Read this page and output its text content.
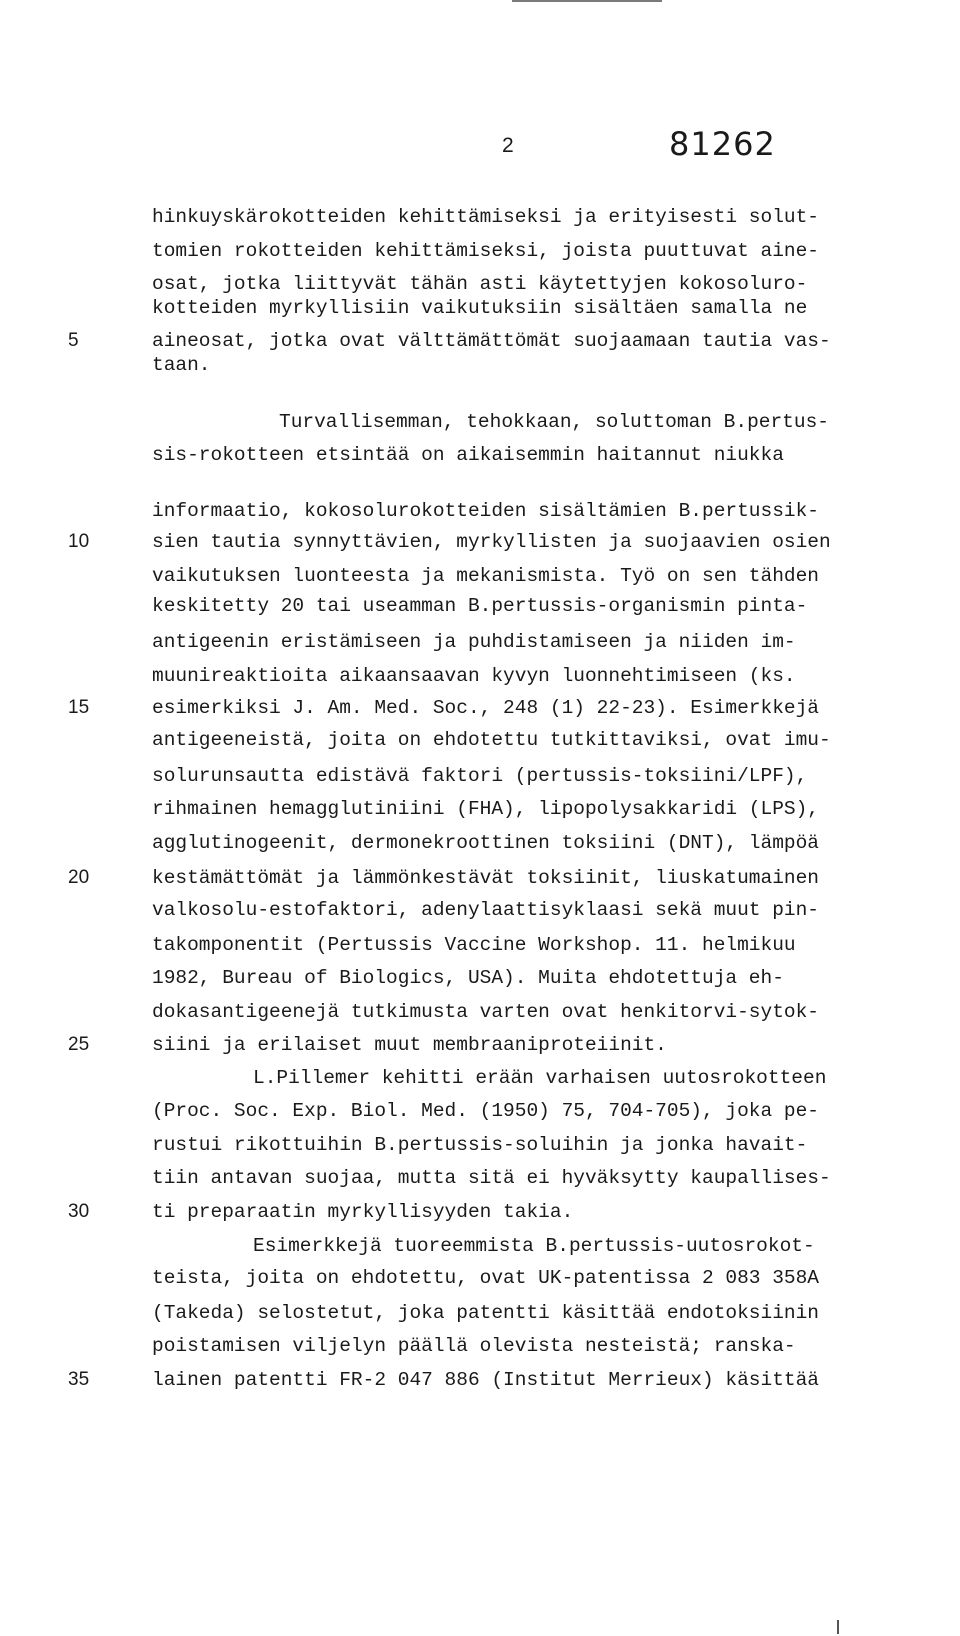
2	81262
5
10
15
20
25
30
35
hinkuyskärokotteiden kehittämiseksi ja erityisesti solut-
tomien rokotteiden kehittämiseksi, joista puuttuvat aine-
osat, jotka liittyvät tähän asti käytettyjen kokosoluro-
kotteiden myrkyllisiin vaikutuksiin sisältäen samalla ne
aineosat, jotka ovat välttämättömät suojaamaan tautia vas-
taan.
Turvallisemman, tehokkaan, soluttoman B.pertus-
sis-rokotteen etsintää on aikaisemmin haitannut niukka
informaatio, kokosolurokotteiden sisältämien B.pertussik-
sien tautia synnyttävien, myrkyllisten ja suojaavien osien
vaikutuksen luonteesta ja mekanismista. Työ on sen tähden
keskitetty 20 tai useamman B.pertussis-organismin pinta-
antigeenin eristämiseen ja puhdistamiseen ja niiden im-
muunireaktioita aikaansaavan kyvyn luonnehtimiseen (ks.
esimerkiksi J. Am. Med. Soc., 248 (1) 22-23). Esimerkkejä
antigeeneistä, joita on ehdotettu tutkittaviksi, ovat imu-
solurunsautta edistävä faktori (pertussis-toksiini/LPF),
rihmainen hemagglutiniini (FHA), lipopolysakkaridi (LPS),
agglutinogeenit, dermonekroottinen toksiini (DNT), lämpöä
kestämättömät ja lämmönkestävät toksiinit, liuskatumainen
valkosolu-estofaktori, adenylaattisyklaasi sekä muut pin-
takomponentit (Pertussis Vaccine Workshop. 11. helmikuu
1982, Bureau of Biologics, USA). Muita ehdotettuja eh-
dokasantigeenejä tutkimusta varten ovat henkitorvi-sytok-
siini ja erilaiset muut membraaniproteiinit.
L.Pillemer kehitti erään varhaisen uutosrokotteen
(Proc. Soc. Exp. Biol. Med. (1950) 75, 704-705), joka pe-
rustui rikottuihin B.pertussis-soluihin ja jonka havait-
tiin antavan suojaa, mutta sitä ei hyväksytty kaupallises-
ti preparaatin myrkyllisyyden takia.
Esimerkkejä tuoreemmista B.pertussis-uutosrokot-
teista, joita on ehdotettu, ovat UK-patentissa 2 083 358A
(Takeda) selostetut, joka patentti käsittää endotoksiinin
poistamisen viljelyn päällä olevista nesteistä; ranska-
lainen patentti FR-2 047 886 (Institut Merrieux) käsittää
